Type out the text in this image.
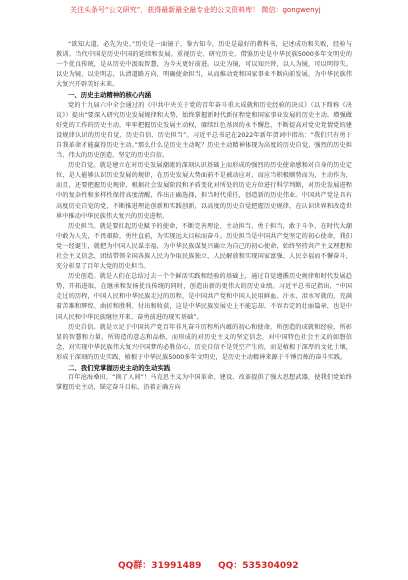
关注头条号“公文研究”，获得最新最全最专业的公文资料库！ 微信：gongwenyj

“欲知大道，必先为史。”历史是一面镜子，鉴古知今，历史是最好的教科书，记述成功和失败，经验与教训。当代中国是历史中国的延续和发展。重视历史、研究历史、借鉴历史是中华民族5000多年文明史的一个优良传统，是从历史中汲取智慧，为今天更好前进。以史为镜，可以知兴替，以人为镜，可以明得失。以史为镜、以史明志，认清道路方向，明确使命担当，从而推动党和国家事业不断向前发展，为中华民族伟大复兴开辟美好未来。

一、历史主动精神的核心内涵

党的十九届六中全会通过的《中共中央关于党的百年奋斗重大成就和历史经验的决议》（以下简称《决议》）提出“要深入研究历史发展规律和大势，始终掌握新时代新征程党和国家事业发展的历史主动。增强做好党的工作的历史主动，牢牢把握历史发展主动权，赓续红色基因的永不懈怠，不断提高对党史党情党的建设规律认识的历史自觉、历史自信、历史担当”。习近平总书记在2022年新年贺词中指出：“我们只有勇于自我革命才能赢得历史主动。”那么什么是历史主动呢？历史主动精神体现为高度的历史自觉、强烈的历史担当、伟大的历史创造，坚定的历史自信。

历史自觉。就是建立在对历史发展潮流的深刻认识基础上而形成的强烈的历史使命感和对自身的历史定位，是人能够认识历史发展的规律，在历史发展大势面前不是被动应对，而应当积极顺势而为，主动作为，而且，还要把握历史规律，根据社会发展阶段和矛盾变化对所处的历史方位进行科学判断，对历史发展进程中的复杂性和多样性保持高度清醒，作出正确选择，担当时代重任，创造新的历史伟业。中国共产党是具有高度历史自觉的党，不断推进理论创新和实践创新，以高度的历史自觉把握历史规律，在认识世界和改造世界中推动中华民族伟大复兴的历史进程。

历史担当。就是要扛起历史赋予的使命，不断完善理论、主动担当，勇于担当，敢于斗争，在时代大潮中敢为人先，不畏艰险，勇往直前，为实现远大目标而奋斗。历史担当是中国共产党坚定的初心使命，我们党一经诞生，就把为中国人民谋幸福，为中华民族谋复兴确立为自己的初心使命，始终坚持共产主义理想和社会主义信念，团结带领全国各族人民为争取民族独立、人民解放和实现国家富强、人民幸福而不懈奋斗，充分彰显了百年大党的历史担当。

历史创造。就是人们在总结过去一个个鲜活实践和经验的基础上，通过自觉遵循历史规律和时代发展趋势，开拓进取，在继承和发扬优良传统的同时，创造出新的更伟大的历史业绩。习近平总书记指出，“中国走过的历程，中国人民和中华民族走过的历程，是中国共产党和中国人民用鲜血、汗水、泪水写就的，充满着苦难和辉煌、曲折和胜利、付出和收获，这是中华民族发展史上不能忘却、不容否定的壮丽篇章，也是中国人民和中华民族继往开来、奋勇前进的现实基础”。

历史自信。就是立足于中国共产党百年非凡奋斗历程所内蕴的初心和使命，所创造的成就和经验，所彰显的智慧和力量，所铸造的意志和品格，而形成的对历史主义的坚定信念，对中国特色社会主义的如磐信念，对实现中华民族伟大复兴中国梦的必胜信心，历史自信不是凭空产生的，而是植根于深厚的文化土壤，形成于深刻的历史实践，植根于中华民族5000多年文明史，是历史主动精神来源于千锤百炼的奋斗实践。

二、我们党掌握历史主动的生动实践

百年沧海桑田，“换了人间”！马克思主义为中国革命、建设、改革提供了强大思想武器，使我们党始终掌握历史主动，锚定奋斗目标，沿着正确方向

QQ群：31991489 QQ：535304092
